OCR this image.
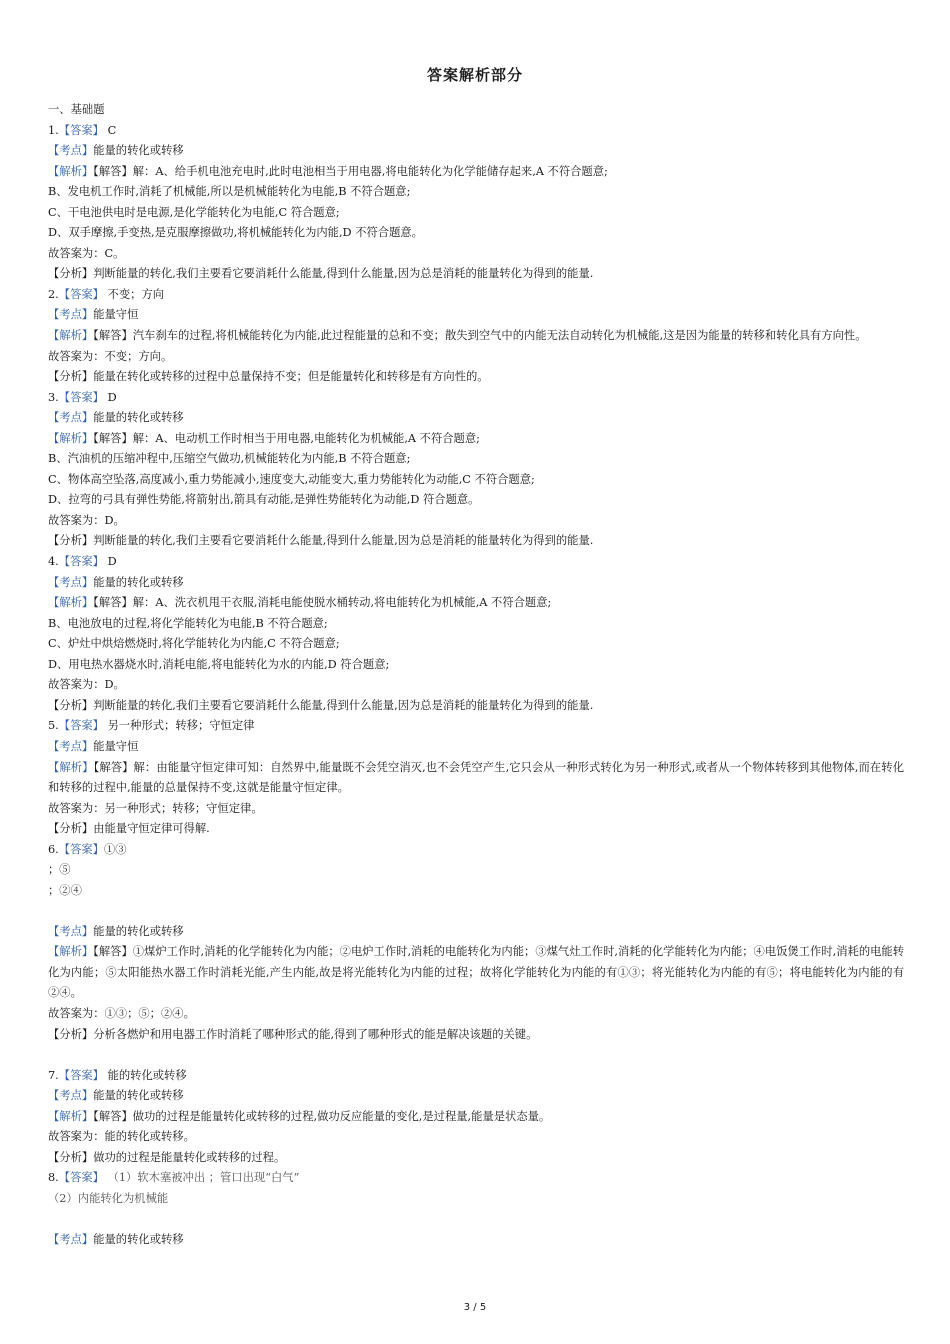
答案解析部分
一、基础题
1.【答案】 C
【考点】能量的转化或转移
【解析】【解答】解：A、给手机电池充电时,此时电池相当于用电器,将电能转化为化学能储存起来,A 不符合题意;
B、发电机工作时,消耗了机械能,所以是机械能转化为电能,B 不符合题意;
C、干电池供电时是电源,是化学能转化为电能,C 符合题意;
D、双手摩擦,手变热,是克服摩擦做功,将机械能转化为内能,D 不符合题意。
故答案为：C。
【分析】判断能量的转化,我们主要看它要消耗什么能量,得到什么能量,因为总是消耗的能量转化为得到的能量.
2.【答案】 不变；方向
【考点】能量守恒
【解析】【解答】汽车刹车的过程,将机械能转化为内能,此过程能量的总和不变；散失到空气中的内能无法自动转化为机械能,这是因为能量的转移和转化具有方向性。
故答案为：不变；方向。
【分析】能量在转化或转移的过程中总量保持不变；但是能量转化和转移是有方向性的。
3.【答案】 D
【考点】能量的转化或转移
【解析】【解答】解：A、电动机工作时相当于用电器,电能转化为机械能,A 不符合题意;
B、汽油机的压缩冲程中,压缩空气做功,机械能转化为内能,B 不符合题意;
C、物体高空坠落,高度减小,重力势能减小,速度变大,动能变大,重力势能转化为动能,C 不符合题意;
D、拉弯的弓具有弹性势能,将箭射出,箭具有动能,是弹性势能转化为动能,D 符合题意。
故答案为：D。
【分析】判断能量的转化,我们主要看它要消耗什么能量,得到什么能量,因为总是消耗的能量转化为得到的能量.
4.【答案】 D
【考点】能量的转化或转移
【解析】【解答】解：A、洗衣机甩干衣服,消耗电能使脱水桶转动,将电能转化为机械能,A 不符合题意;
B、电池放电的过程,将化学能转化为电能,B 不符合题意;
C、炉灶中烘焙燃烧时,将化学能转化为内能,C 不符合题意;
D、用电热水器烧水时,消耗电能,将电能转化为水的内能,D 符合题意;
故答案为：D。
【分析】判断能量的转化,我们主要看它要消耗什么能量,得到什么能量,因为总是消耗的能量转化为得到的能量.
5.【答案】 另一种形式；转移；守恒定律
【考点】能量守恒
【解析】【解答】解：由能量守恒定律可知：自然界中,能量既不会凭空消灭,也不会凭空产生,它只会从一种形式转化为另一种形式,或者从一个物体转移到其他物体,而在转化和转移的过程中,能量的总量保持不变,这就是能量守恒定律。
故答案为：另一种形式；转移；守恒定律。
【分析】由能量守恒定律可得解.
6.【答案】①③
；⑤
；②④
【考点】能量的转化或转移
【解析】【解答】①煤炉工作时,消耗的化学能转化为内能；②电炉工作时,消耗的电能转化为内能；③煤气灶工作时,消耗的化学能转化为内能；④电饭煲工作时,消耗的电能转化为内能；⑤太阳能热水器工作时消耗光能,产生内能,故是将光能转化为内能的过程；故将化学能转化为内能的有①③；将光能转化为内能的有⑤；将电能转化为内能的有②④。
故答案为：①③；⑤；②④。
【分析】分析各燃炉和用电器工作时消耗了哪种形式的能,得到了哪种形式的能是解决该题的关键。
7.【答案】 能的转化或转移
【考点】能量的转化或转移
【解析】【解答】做功的过程是能量转化或转移的过程,做功反应能量的变化,是过程量,能量是状态量。
故答案为：能的转化或转移。
【分析】做功的过程是能量转化或转移的过程。
8.【答案】 （1）软木塞被冲出 ；管口出现“白气”
（2）内能转化为机械能
【考点】能量的转化或转移
3 / 5
